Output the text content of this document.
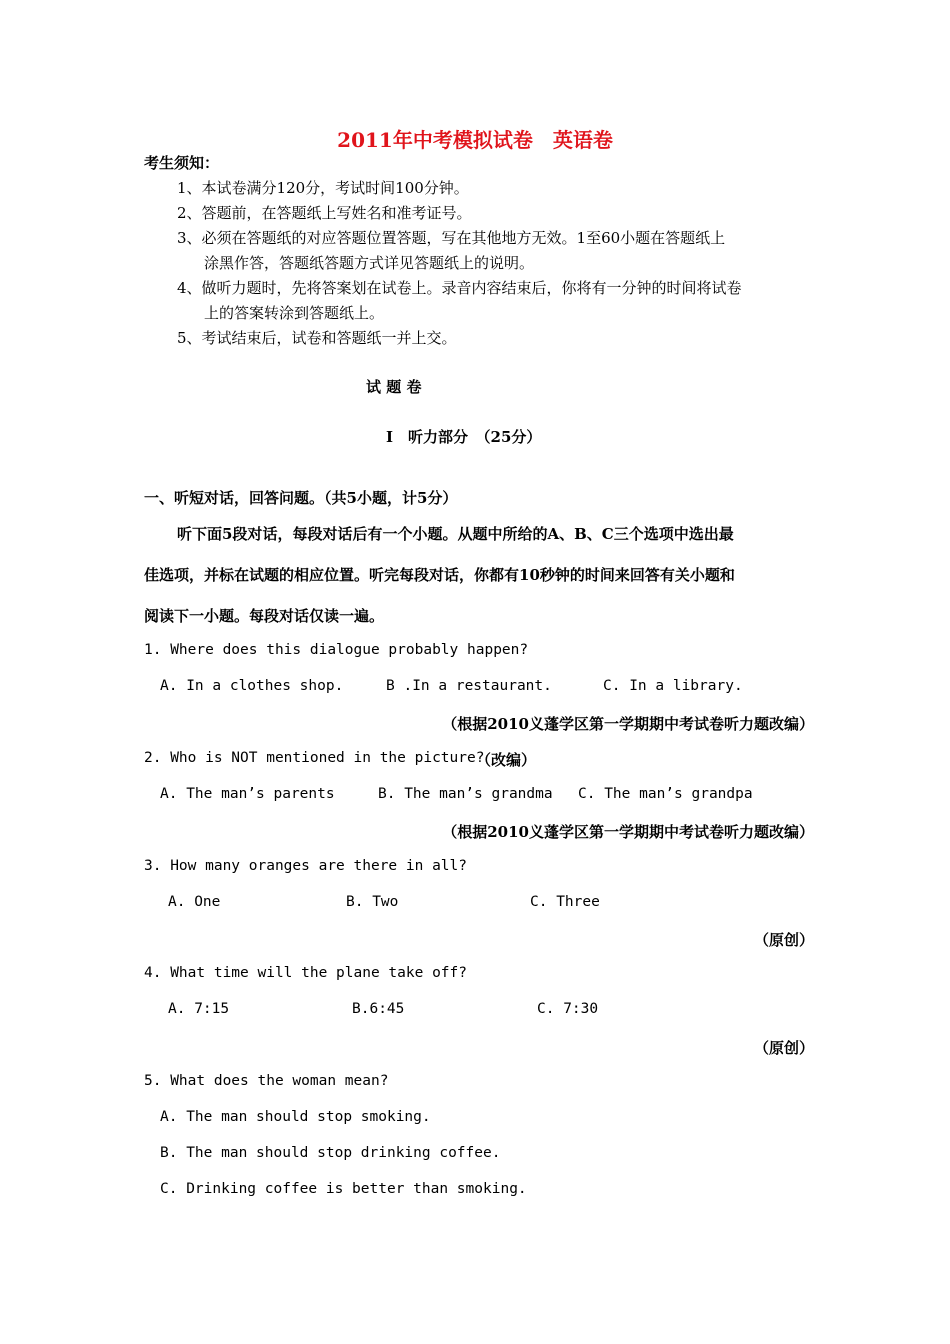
2011年中考模拟试卷　英语卷
考生须知：
1、本试卷满分120分，考试时间100分钟。
2、答题前，在答题纸上写姓名和准考证号。
3、必须在答题纸的对应答题位置答题，写在其他地方无效。1至60小题在答题纸上
涂黑作答，答题纸答题方式详见答题纸上的说明。
4、做听力题时，先将答案划在试卷上。录音内容结束后，你将有一分钟的时间将试卷
上的答案转涂到答题纸上。
5、考试结束后，试卷和答题纸一并上交。
试 题 卷
Ⅰ　听力部分　（25分）
一、听短对话，回答问题。（共5小题，计5分）
听下面5段对话，每段对话后有一个小题。从题中所给的A、B、C三个选项中选出最
佳选项，并标在试题的相应位置。听完每段对话，你都有10秒钟的时间来回答有关小题和
阅读下一小题。每段对话仅读一遍。
1. Where does this dialogue probably happen?
A. In a clothes shop.	B .In a restaurant.	C. In a library.
（根据2010义蓬学区第一学期期中考试卷听力题改编）
2. Who is NOT mentioned in the picture?
（改编）
A. The man’s parents	B. The man’s grandma C. The man’s grandpa
（根据2010义蓬学区第一学期期中考试卷听力题改编）
3. How many oranges are there in all?
A. One	B. Two	C. Three
（原创）
4. What time will the plane take off?
A. 7:15	B.6:45	C. 7:30
（原创）
5. What does the woman mean?
A. The man should stop smoking.
B. The man should stop drinking coffee.
C. Drinking coffee is better than smoking.
